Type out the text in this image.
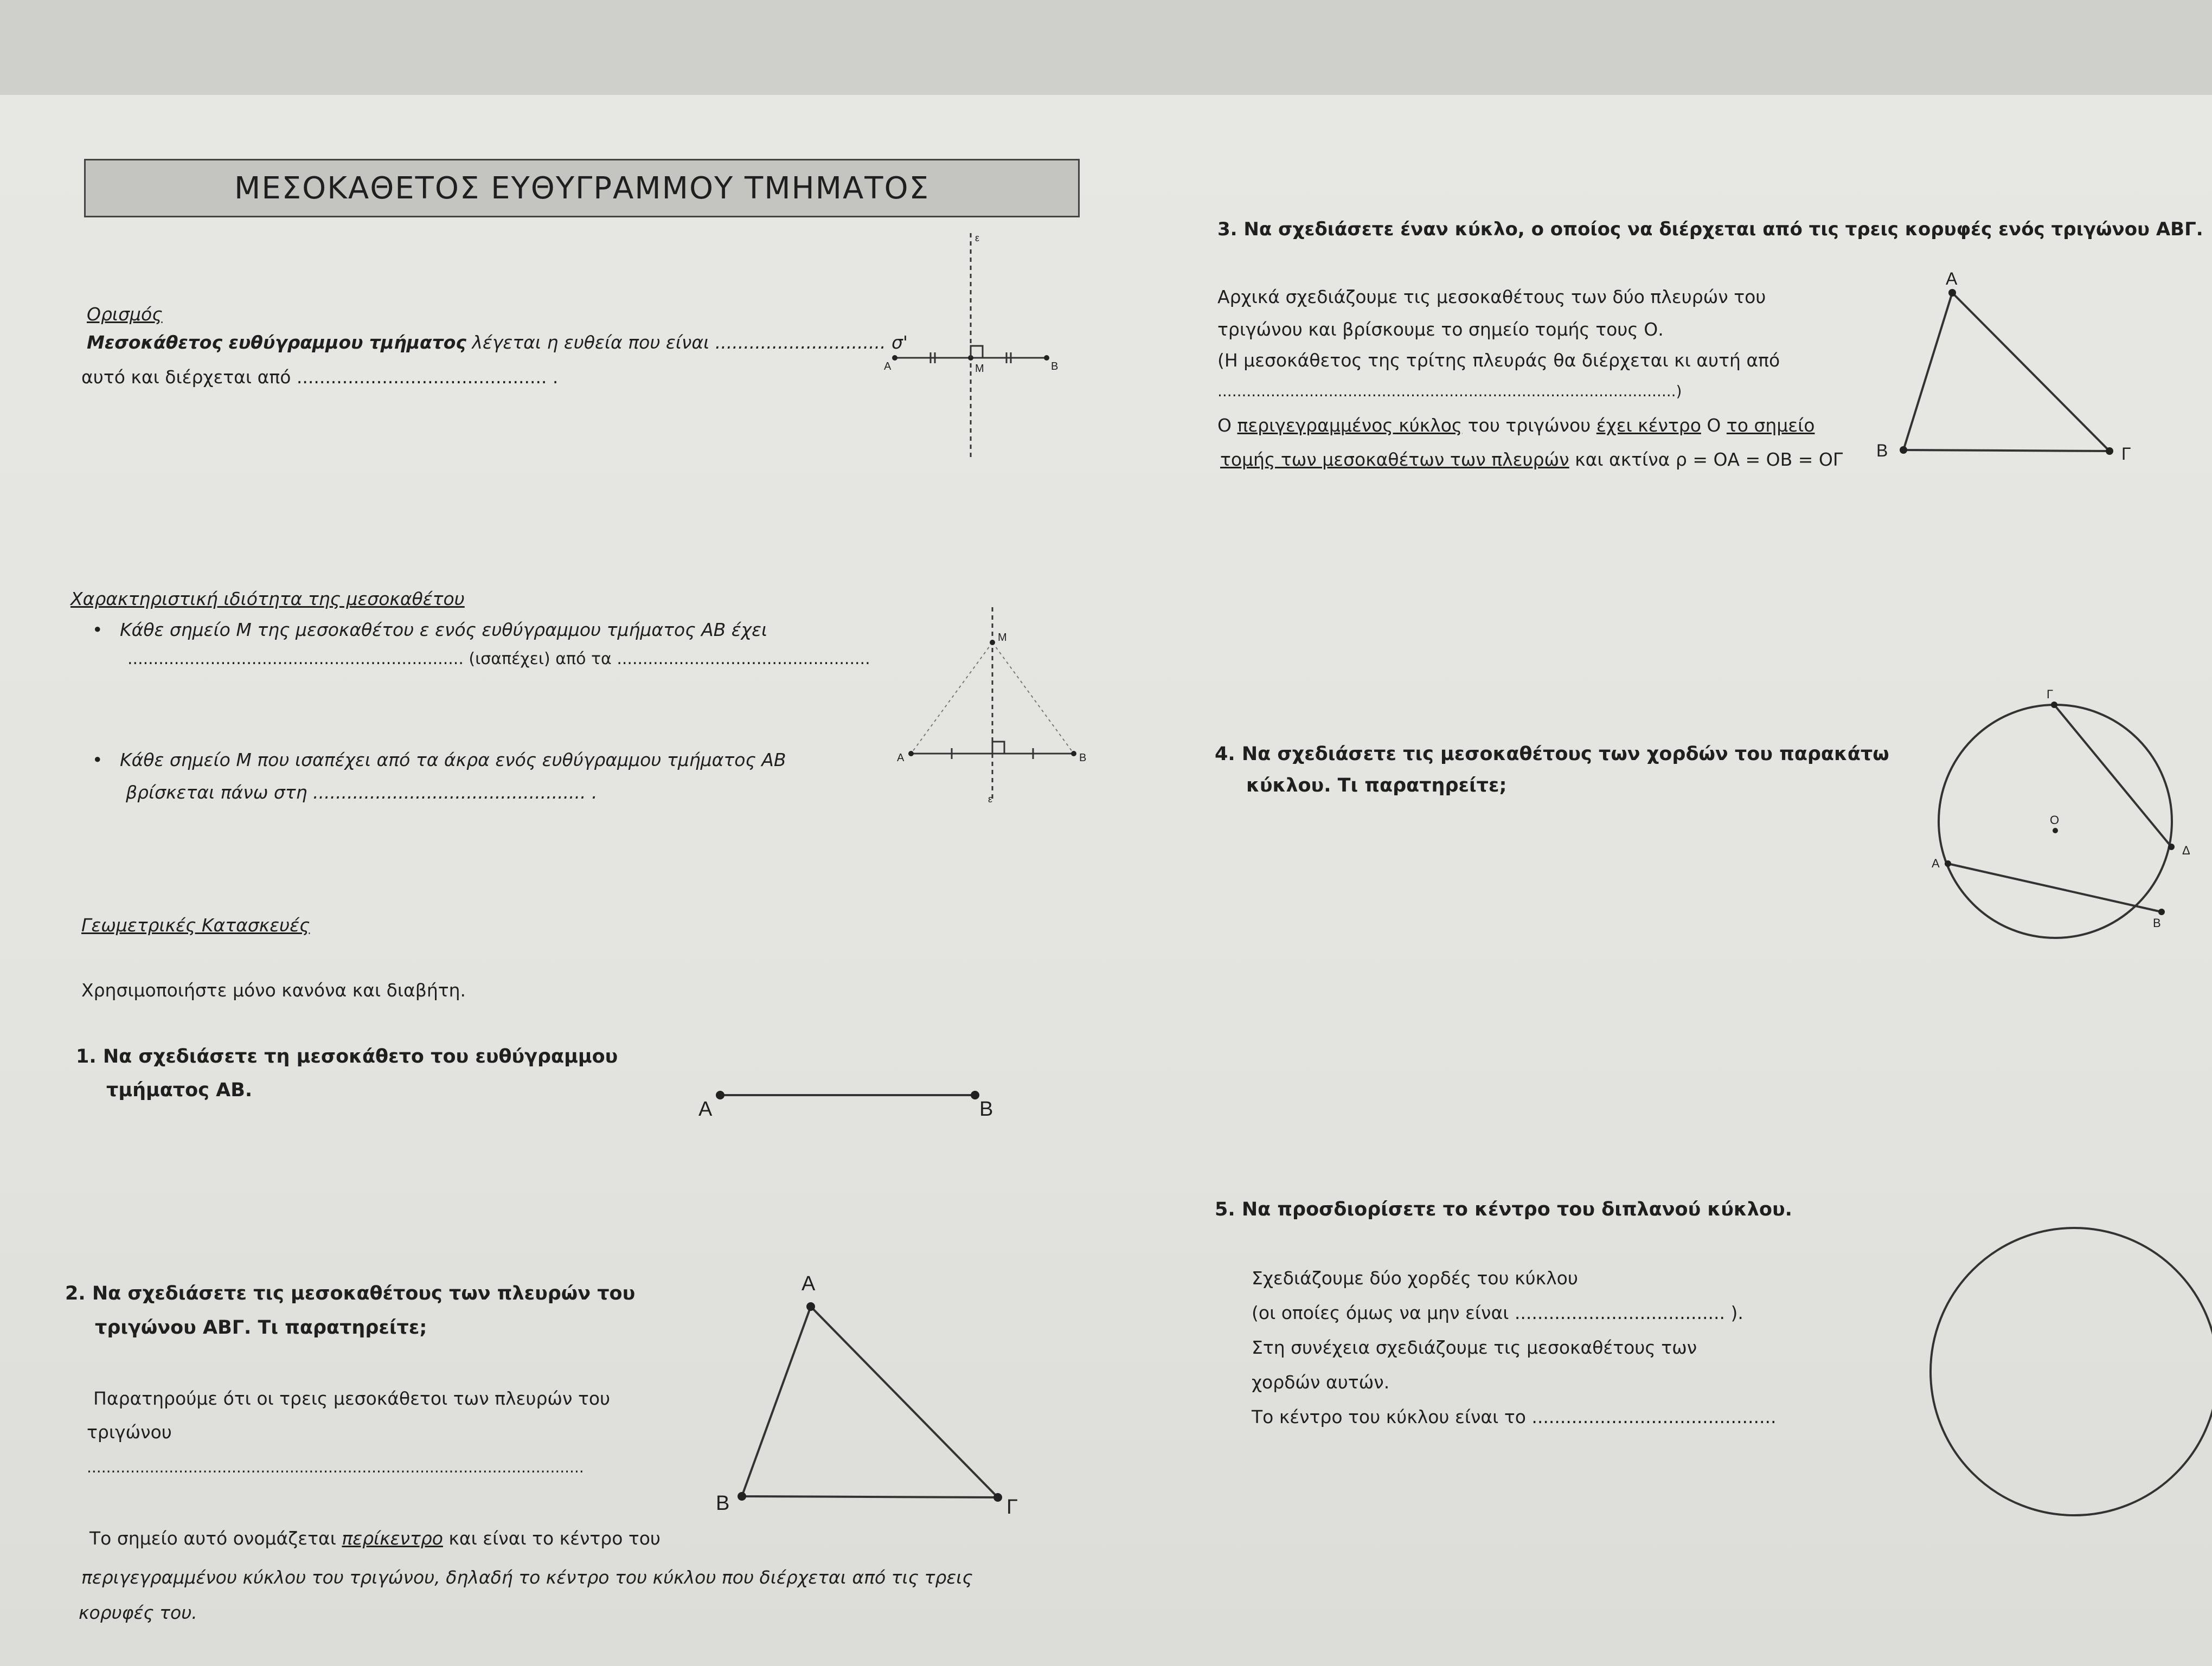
ΜΕΣΟΚΑΘΕΤΟΣ ΕΥΘΥΓΡΑΜΜΟΥ ΤΜΗΜΑΤΟΣ
Ορισμός
Μεσοκάθετος ευθύγραμμου τμήματος λέγεται η ευθεία που είναι .............................. σ'
αυτό και διέρχεται από ............................................ .
ε
Α	Μ	Β
Χαρακτηριστική ιδιότητα της μεσοκαθέτου
•   Κάθε σημείο Μ της μεσοκαθέτου ε ενός ευθύγραμμου τμήματος ΑΒ έχει
................................................................. (ισαπέχει) από τα .................................................
•   Κάθε σημείο Μ που ισαπέχει από τα άκρα ενός ευθύγραμμου τμήματος ΑΒ
βρίσκεται πάνω στη ................................................ .
Μ
Α	Β
ε
Γεωμετρικές Κατασκευές
Χρησιμοποιήστε μόνο κανόνα και διαβήτη.
1. Να σχεδιάσετε τη μεσοκάθετο του ευθύγραμμου
τμήματος ΑΒ.
Α	Β
2. Να σχεδιάσετε τις μεσοκαθέτους των πλευρών του
τριγώνου ΑΒΓ. Τι παρατηρείτε;
Παρατηρούμε ότι οι τρεις μεσοκάθετοι των πλευρών του
τριγώνου
.......................................................................................................
Το σημείο αυτό ονομάζεται περίκεντρο και είναι το κέντρο του
περιγεγραμμένου κύκλου του τριγώνου, δηλαδή το κέντρο του κύκλου που διέρχεται από τις τρεις
κορυφές του.
Α
Β	Γ
3. Να σχεδιάσετε έναν κύκλο, ο οποίος να διέρχεται από τις τρεις κορυφές ενός τριγώνου ΑΒΓ.
Αρχικά σχεδιάζουμε τις μεσοκαθέτους των δύο πλευρών του
τριγώνου και βρίσκουμε το σημείο τομής τους Ο.
(Η μεσοκάθετος της τρίτης πλευράς θα διέρχεται κι αυτή από
...............................................................................................)
Ο περιγεγραμμένος κύκλος του τριγώνου έχει κέντρο Ο το σημείο
τομής των μεσοκαθέτων των πλευρών και ακτίνα ρ = ΟΑ = ΟΒ = ΟΓ
Α
Β	Γ
4. Να σχεδιάσετε τις μεσοκαθέτους των χορδών του παρακάτω
κύκλου. Τι παρατηρείτε;
Ο
Γ
Δ
Α
Β
5. Να προσδιορίσετε το κέντρο του διπλανού κύκλου.
Σχεδιάζουμε δύο χορδές του κύκλου
(οι οποίες όμως να μην είναι ..................................... ).
Στη συνέχεια σχεδιάζουμε τις μεσοκαθέτους των
χορδών αυτών.
Το κέντρο του κύκλου είναι το ...........................................
